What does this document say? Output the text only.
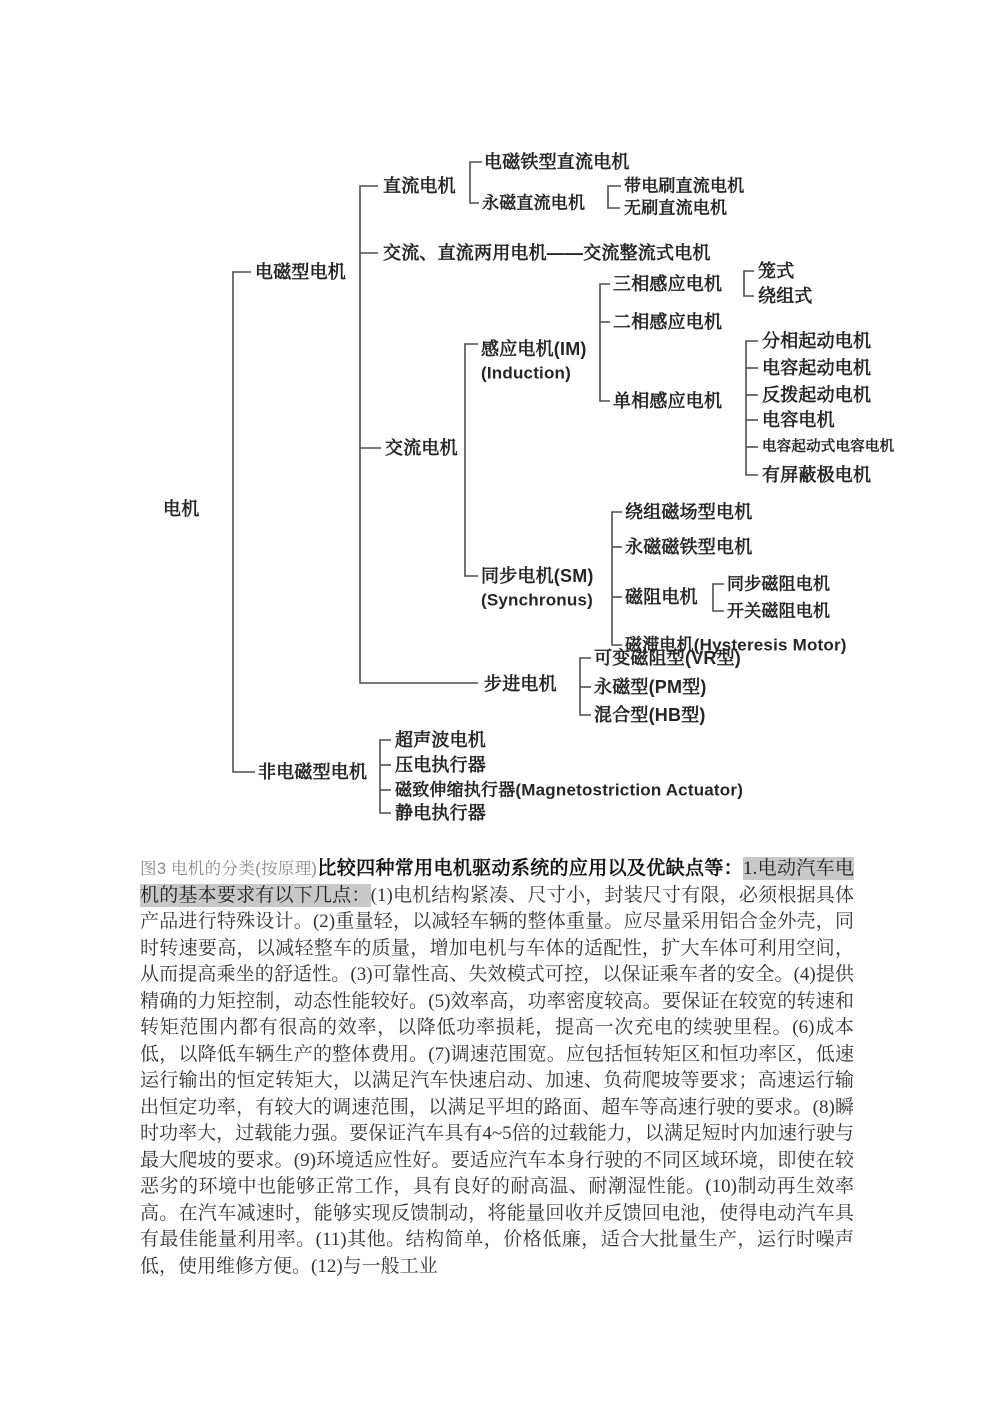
电机
电磁型电机
非电磁型电机
直流电机
交流、直流两用电机——交流整流式电机
交流电机
步进电机
电磁铁型直流电机
永磁直流电机
带电刷直流电机
无刷直流电机
感应电机(IM)
(Induction)
同步电机(SM)
(Synchronus)
三相感应电机
二相感应电机
单相感应电机
笼式
绕组式
分相起动电机
电容起动电机
反拨起动电机
电容电机
电容起动式电容电机
有屏蔽极电机
绕组磁场型电机
永磁磁铁型电机
磁阻电机
磁滞电机(Hysteresis Motor)
同步磁阻电机
开关磁阻电机
可变磁阻型(VR型)
永磁型(PM型)
混合型(HB型)
超声波电机
压电执行器
磁致伸缩执行器(Magnetostriction Actuator)
静电执行器

图3 电机的分类(按原理)比较四种常用电机驱动系统的应用以及优缺点等：1.电动汽车电机的基本要求有以下几点：(1)电机结构紧凑、尺寸小，封装尺寸有限，必须根据具体产品进行特殊设计。(2)重量轻，以减轻车辆的整体重量。应尽量采用铝合金外壳，同时转速要高，以减轻整车的质量，增加电机与车体的适配性，扩大车体可利用空间，从而提高乘坐的舒适性。(3)可靠性高、失效模式可控，以保证乘车者的安全。(4)提供精确的力矩控制，动态性能较好。(5)效率高，功率密度较高。要保证在较宽的转速和转矩范围内都有很高的效率，以降低功率损耗，提高一次充电的续驶里程。(6)成本低，以降低车辆生产的整体费用。(7)调速范围宽。应包括恒转矩区和恒功率区，低速运行输出的恒定转矩大，以满足汽车快速启动、加速、负荷爬坡等要求；高速运行输出恒定功率，有较大的调速范围，以满足平坦的路面、超车等高速行驶的要求。(8)瞬时功率大，过载能力强。要保证汽车具有4~5倍的过载能力，以满足短时内加速行驶与最大爬坡的要求。(9)环境适应性好。要适应汽车本身行驶的不同区域环境，即使在较恶劣的环境中也能够正常工作，具有良好的耐高温、耐潮湿性能。(10)制动再生效率高。在汽车减速时，能够实现反馈制动，将能量回收并反馈回电池，使得电动汽车具有最佳能量利用率。(11)其他。结构简单，价格低廉，适合大批量生产，运行时噪声低，使用维修方便。(12)与一般工业
